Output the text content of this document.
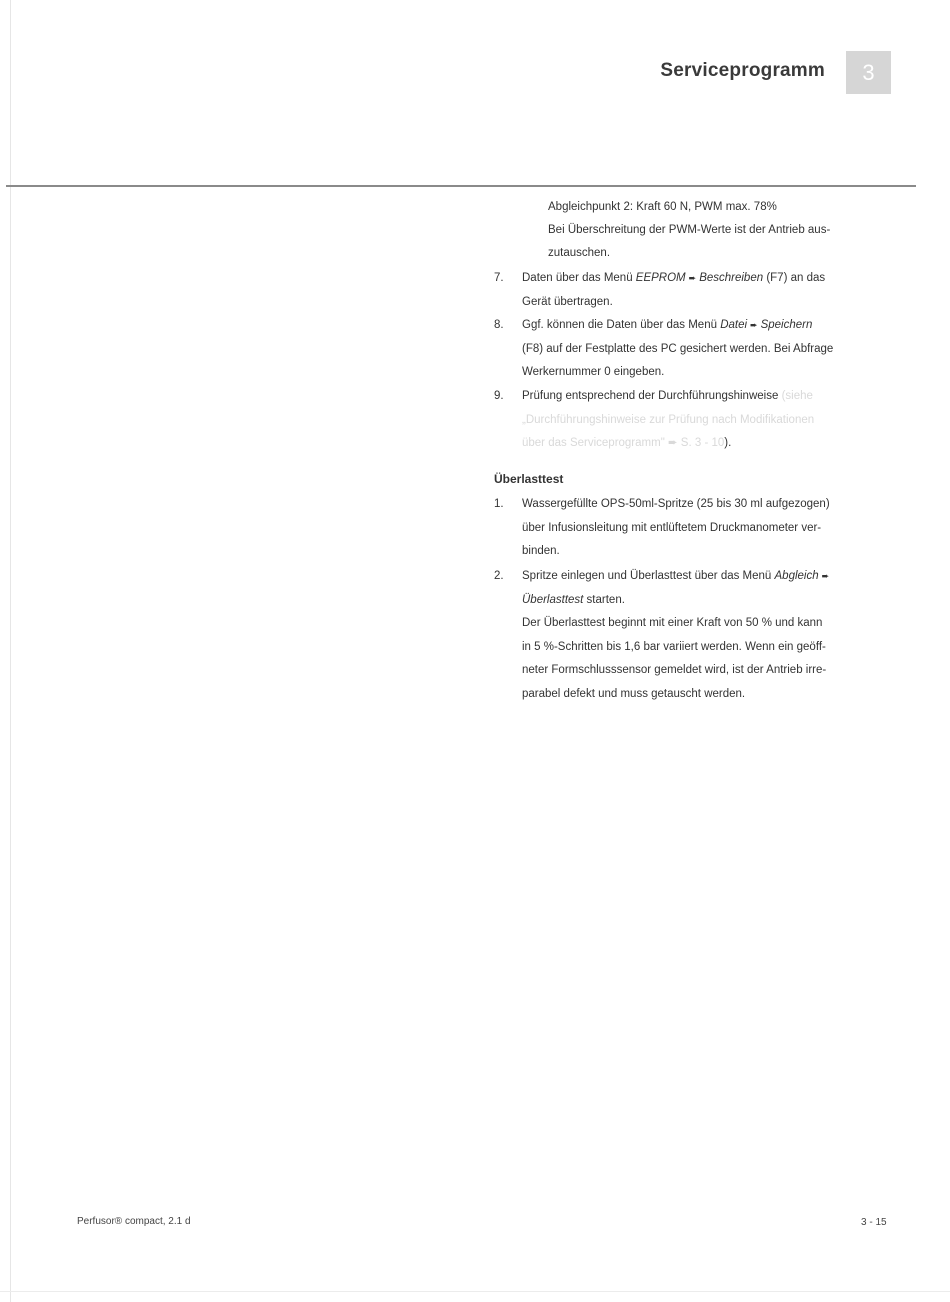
Serviceprogramm	3
Abgleichpunkt 2: Kraft 60 N, PWM max. 78%
Bei Überschreitung der PWM-Werte ist der Antrieb aus-
zutauschen.
7.	Daten über das Menü EEPROM ➨ Beschreiben (F7) an das
Gerät übertragen.
8.	Ggf. können die Daten über das Menü Datei ➨ Speichern
(F8) auf der Festplatte des PC gesichert werden. Bei Abfrage
Werkernummer 0 eingeben.
9.	Prüfung entsprechend der Durchführungshinweise (siehe
„Durchführungshinweise zur Prüfung nach Modifikationen
über das Serviceprogramm" ➨ S. 3 - 10).
Überlasttest
1.	Wassergefüllte OPS-50ml-Spritze (25 bis 30 ml aufgezogen)
über Infusionsleitung mit entlüftetem Druckmanometer ver-
binden.
2.	Spritze einlegen und Überlasttest über das Menü Abgleich ➨
Überlasttest starten.
Der Überlasttest beginnt mit einer Kraft von 50 % und kann
in 5 %-Schritten bis 1,6 bar variiert werden. Wenn ein geöff-
neter Formschlusssensor gemeldet wird, ist der Antrieb irre-
parabel defekt und muss getauscht werden.
Perfusor® compact, 2.1 d	3 - 15
